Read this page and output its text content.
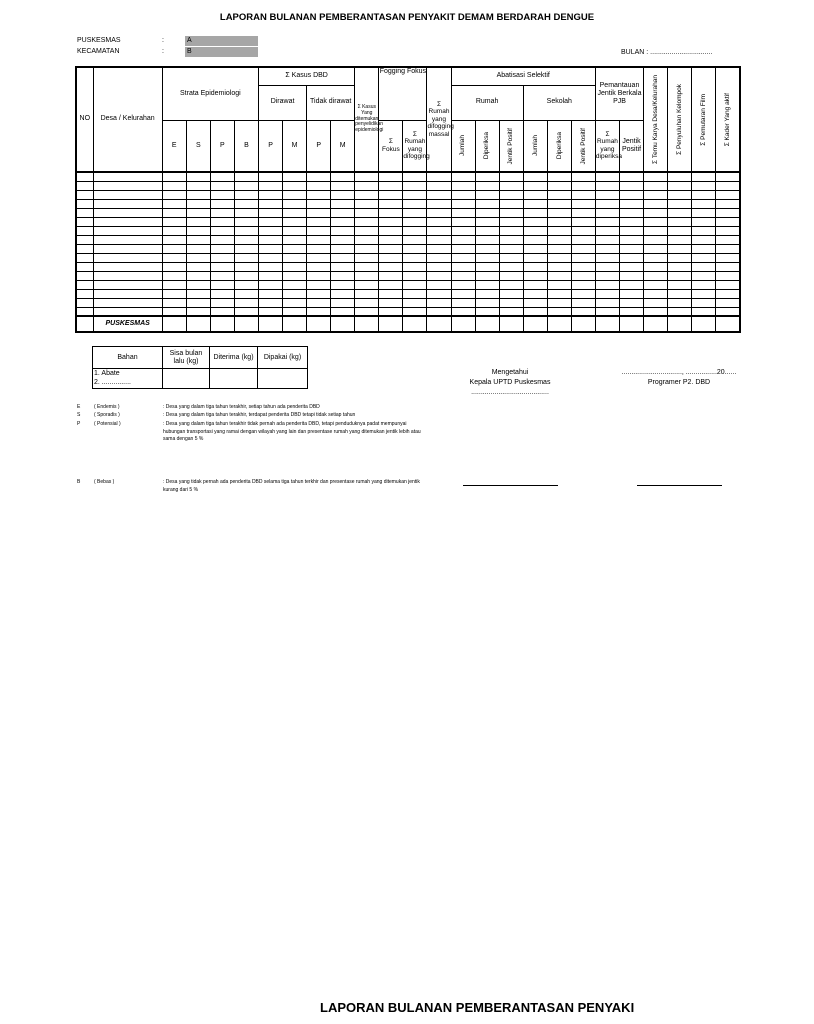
LAPORAN BULANAN PEMBERANTASAN PENYAKIT DEMAM BERDARAH DENGUE
PUSKESMAS	:	A
KECAMATAN	:	B	BULAN : ................................
NO	Desa / Kelurahan	Strata Epidemiologi				Σ Kasus DBD				Σ Kasus Yang ditemukan penyelidikan epidemiologi	Fogging Fokus		Σ Rumah yang difogging massal	Abatisasi Selektif						Pemantauan Jentik Berkala PJB		Σ Temu Karya Desa/Kelurahan	Σ Penyuluhan Kelompok	Σ Pemutaran Film	Σ Kader Yang aktif

						Dirawat		Tidak dirawat						Rumah			Sekolah								
		E	S	P	B	P	M	P	M		Σ Fokus	Σ Rumah yang difogging		Jumlah	Diperiksa	Jentik Positif	Jumlah	Diperiksa	Jentik Positif	Σ Rumah yang diperiksa	Jentik Positif				

	PUSKESMAS																								
Bahan	Sisa bulan lalu (kg)	Diterima (kg)	Dipakai (kg)

1. Abate
2. ...............			

Mengetahui
Kepala UPTD Puskesmas
........................................
..............................., ................20......
Programer P2. DBD
E	( Endemis )	: Desa yang dalam tiga tahun terakhir, setiap tahun ada penderita DBD
S	( Sporadis )	: Desa yang dalam tiga tahun terakhir, terdapat penderita DBD tetapi tidak setiap tahun
P	( Potensial )	: Desa yang dalam tiga tahun terakhir tidak pernah ada penderita DBD, tetapi penduduknya padat mempunyai hubungan transportasi yang ramai dengan wilayah yang lain dan presentase rumah yang ditemukan jentik lebih atau sama dengan 5 %
B	( Bebas )	: Desa yang tidak pernah ada penderita DBD selama tiga tahun terkhir dan presentase rumah yang ditemukan jentik kurang dari 5 %
LAPORAN BULANAN PEMBERANTASAN PENYAKI
